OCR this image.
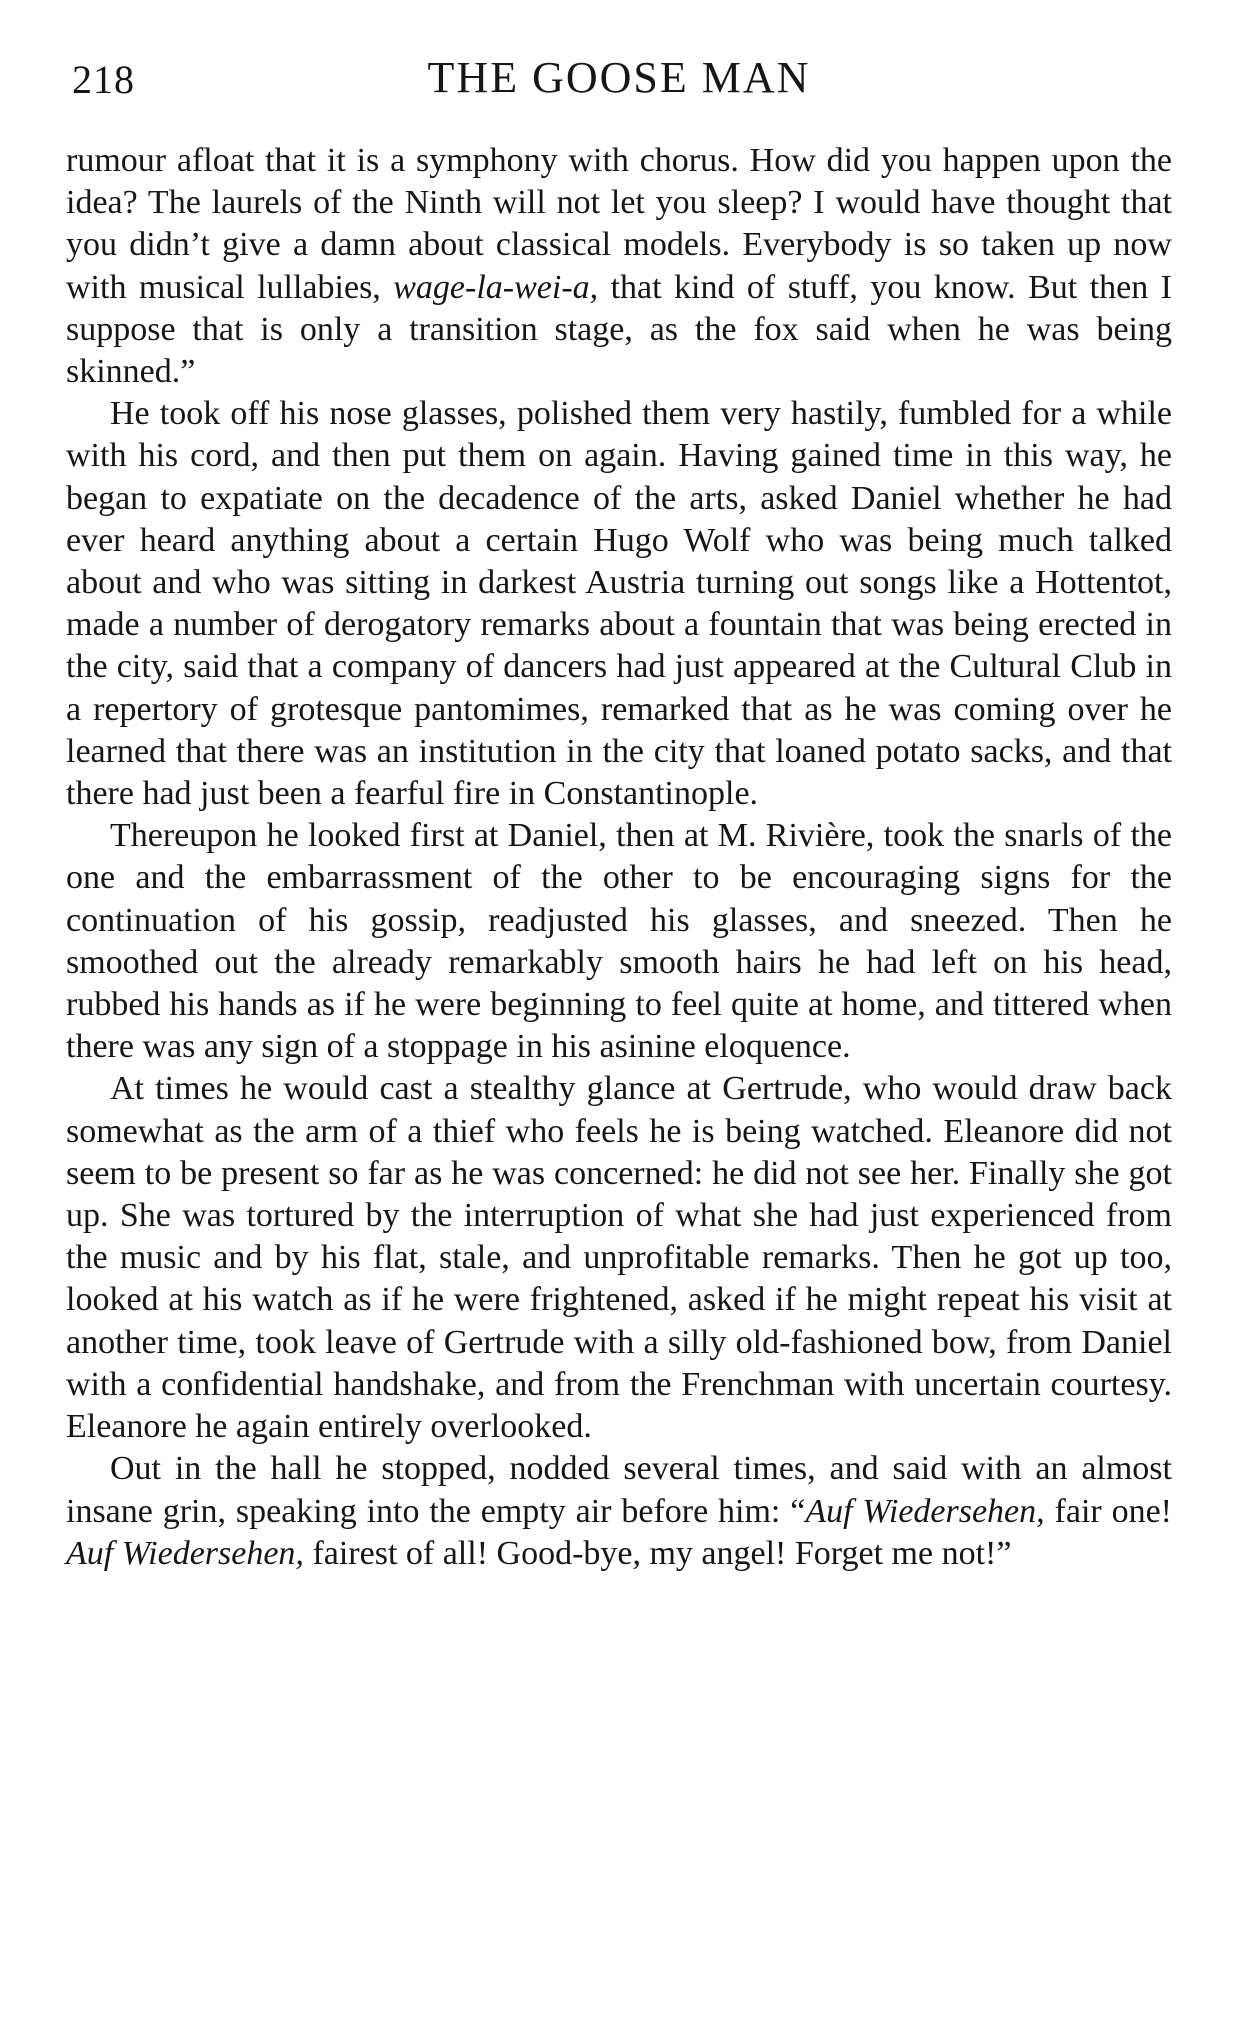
218	THE GOOSE MAN

rumour afloat that it is a symphony with chorus. How did you happen upon the idea? The laurels of the Ninth will not let you sleep? I would have thought that you didn’t give a damn about classical models. Everybody is so taken up now with musical lullabies, wage-la-wei-a, that kind of stuff, you know. But then I suppose that is only a transition stage, as the fox said when he was being skinned.”

He took off his nose glasses, polished them very hastily, fumbled for a while with his cord, and then put them on again. Having gained time in this way, he began to expatiate on the decadence of the arts, asked Daniel whether he had ever heard anything about a certain Hugo Wolf who was being much talked about and who was sitting in darkest Austria turning out songs like a Hottentot, made a number of derogatory remarks about a fountain that was being erected in the city, said that a company of dancers had just appeared at the Cultural Club in a repertory of grotesque pantomimes, remarked that as he was coming over he learned that there was an institution in the city that loaned potato sacks, and that there had just been a fearful fire in Constantinople.

Thereupon he looked first at Daniel, then at M. Rivière, took the snarls of the one and the embarrassment of the other to be encouraging signs for the continuation of his gossip, readjusted his glasses, and sneezed. Then he smoothed out the already remarkably smooth hairs he had left on his head, rubbed his hands as if he were beginning to feel quite at home, and tittered when there was any sign of a stoppage in his asinine eloquence.

At times he would cast a stealthy glance at Gertrude, who would draw back somewhat as the arm of a thief who feels he is being watched. Eleanore did not seem to be present so far as he was concerned: he did not see her. Finally she got up. She was tortured by the interruption of what she had just experienced from the music and by his flat, stale, and unprofitable remarks. Then he got up too, looked at his watch as if he were frightened, asked if he might repeat his visit at another time, took leave of Gertrude with a silly old-fashioned bow, from Daniel with a confidential handshake, and from the Frenchman with uncertain courtesy. Eleanore he again entirely overlooked.

Out in the hall he stopped, nodded several times, and said with an almost insane grin, speaking into the empty air before him: “Auf Wiedersehen, fair one! Auf Wiedersehen, fairest of all! Good-bye, my angel! Forget me not!”
